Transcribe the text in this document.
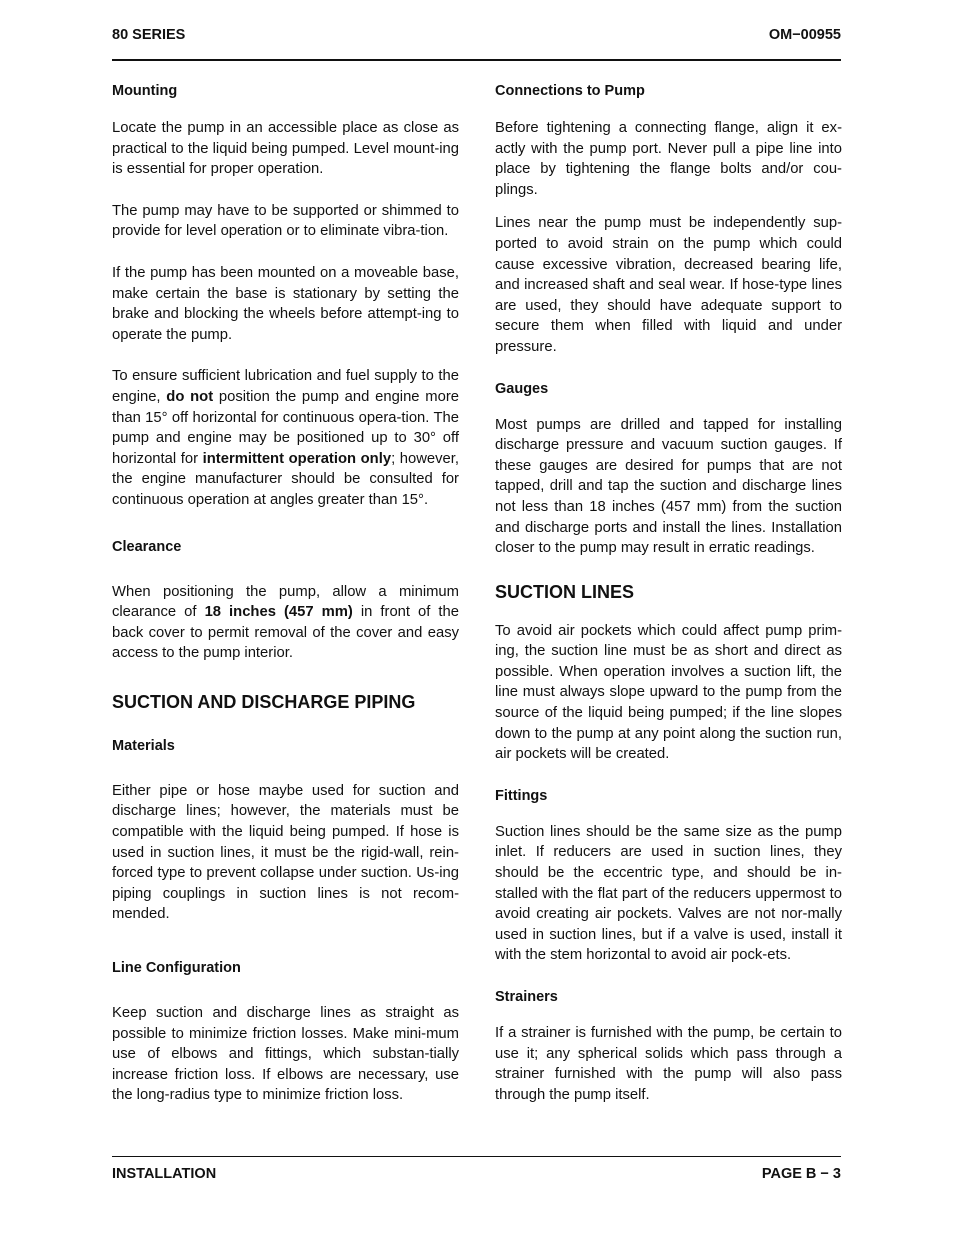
80 SERIES	OM−00955
Mounting

Locate the pump in an accessible place as close as practical to the liquid being pumped. Level mount-ing is essential for proper operation.

The pump may have to be supported or shimmed to provide for level operation or to eliminate vibra-tion.

If the pump has been mounted on a moveable base, make certain the base is stationary by setting the brake and blocking the wheels before attempt-ing to operate the pump.

To ensure sufficient lubrication and fuel supply to the engine, do not position the pump and engine more than 15° off horizontal for continuous opera-tion. The pump and engine may be positioned up to 30° off horizontal for intermittent operation only; however, the engine manufacturer should be consulted for continuous operation at angles greater than 15°.

Clearance

When positioning the pump, allow a minimum clearance of 18 inches (457 mm) in front of the back cover to permit removal of the cover and easy access to the pump interior.

SUCTION AND DISCHARGE PIPING
Materials

Either pipe or hose maybe used for suction and discharge lines; however, the materials must be compatible with the liquid being pumped. If hose is used in suction lines, it must be the rigid-wall, rein-forced type to prevent collapse under suction. Us-ing piping couplings in suction lines is not recom-mended.

Line Configuration

Keep suction and discharge lines as straight as possible to minimize friction losses. Make mini-mum use of elbows and fittings, which substan-tially increase friction loss. If elbows are necessary, use the long-radius type to minimize friction loss.

Connections to Pump

Before tightening a connecting flange, align it ex-actly with the pump port. Never pull a pipe line into place by tightening the flange bolts and/or cou-plings.

Lines near the pump must be independently sup-ported to avoid strain on the pump which could cause excessive vibration, decreased bearing life, and increased shaft and seal wear. If hose-type lines are used, they should have adequate support to secure them when filled with liquid and under pressure.

Gauges

Most pumps are drilled and tapped for installing discharge pressure and vacuum suction gauges. If these gauges are desired for pumps that are not tapped, drill and tap the suction and discharge lines not less than 18 inches (457 mm) from the suction and discharge ports and install the lines. Installation closer to the pump may result in erratic readings.

SUCTION LINES

To avoid air pockets which could affect pump prim-ing, the suction line must be as short and direct as possible. When operation involves a suction lift, the line must always slope upward to the pump from the source of the liquid being pumped; if the line slopes down to the pump at any point along the suction run, air pockets will be created.

Fittings

Suction lines should be the same size as the pump inlet. If reducers are used in suction lines, they should be the eccentric type, and should be in-stalled with the flat part of the reducers uppermost to avoid creating air pockets. Valves are not nor-mally used in suction lines, but if a valve is used, install it with the stem horizontal to avoid air pock-ets.

Strainers

If a strainer is furnished with the pump, be certain to use it; any spherical solids which pass through a strainer furnished with the pump will also pass through the pump itself.

INSTALLATION	PAGE B − 3
